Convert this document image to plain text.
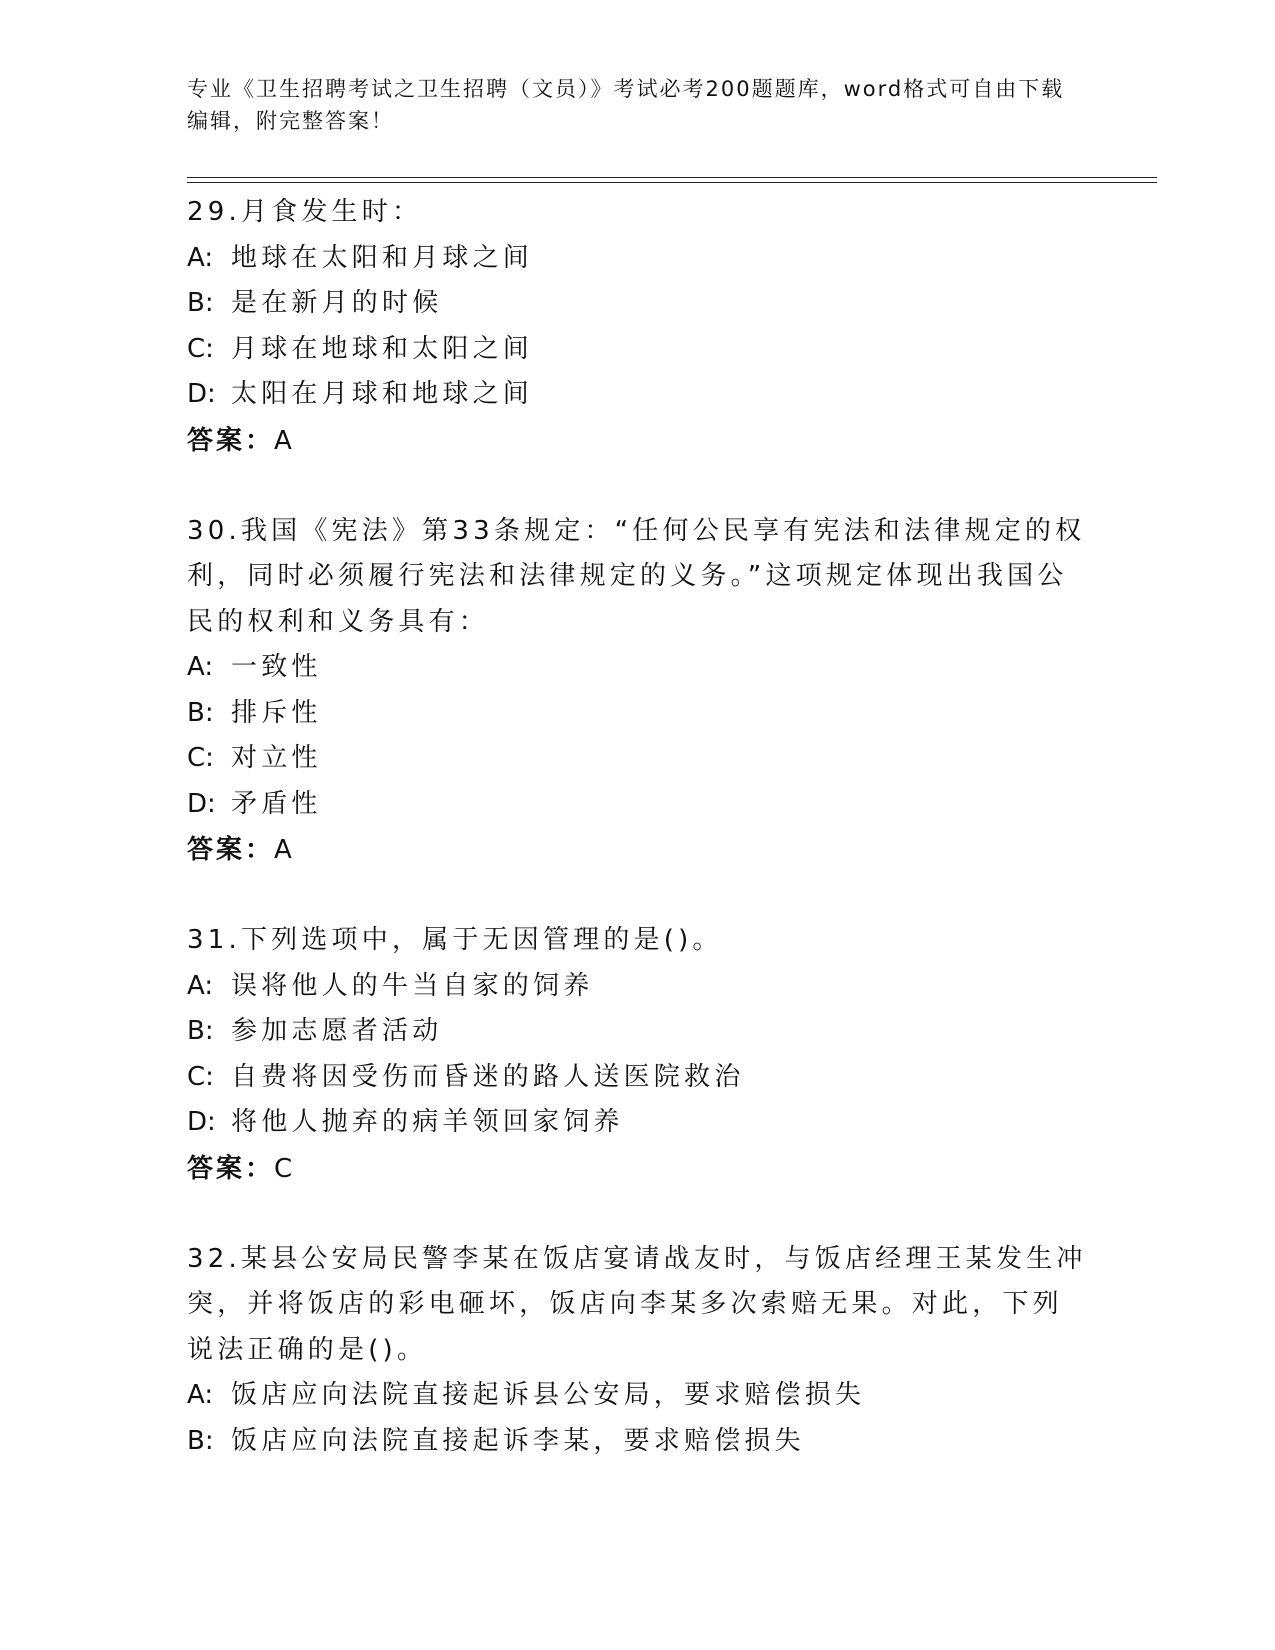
专业《卫生招聘考试之卫生招聘（文员）》考试必考200题题库，word格式可自由下载编辑，附完整答案！
29.月食发生时：
A: 地球在太阳和月球之间
B: 是在新月的时候
C: 月球在地球和太阳之间
D: 太阳在月球和地球之间
答案：A
30.我国《宪法》第33条规定：“任何公民享有宪法和法律规定的权利，同时必须履行宪法和法律规定的义务。”这项规定体现出我国公民的权利和义务具有：
A: 一致性
B: 排斥性
C: 对立性
D: 矛盾性
答案：A
31.下列选项中，属于无因管理的是()。
A: 误将他人的牛当自家的饲养
B: 参加志愿者活动
C: 自费将因受伤而昏迷的路人送医院救治
D: 将他人抛弃的病羊领回家饲养
答案：C
32.某县公安局民警李某在饭店宴请战友时，与饭店经理王某发生冲突，并将饭店的彩电砸坏，饭店向李某多次索赔无果。对此，下列说法正确的是()。
A: 饭店应向法院直接起诉县公安局，要求赔偿损失
B: 饭店应向法院直接起诉李某，要求赔偿损失
